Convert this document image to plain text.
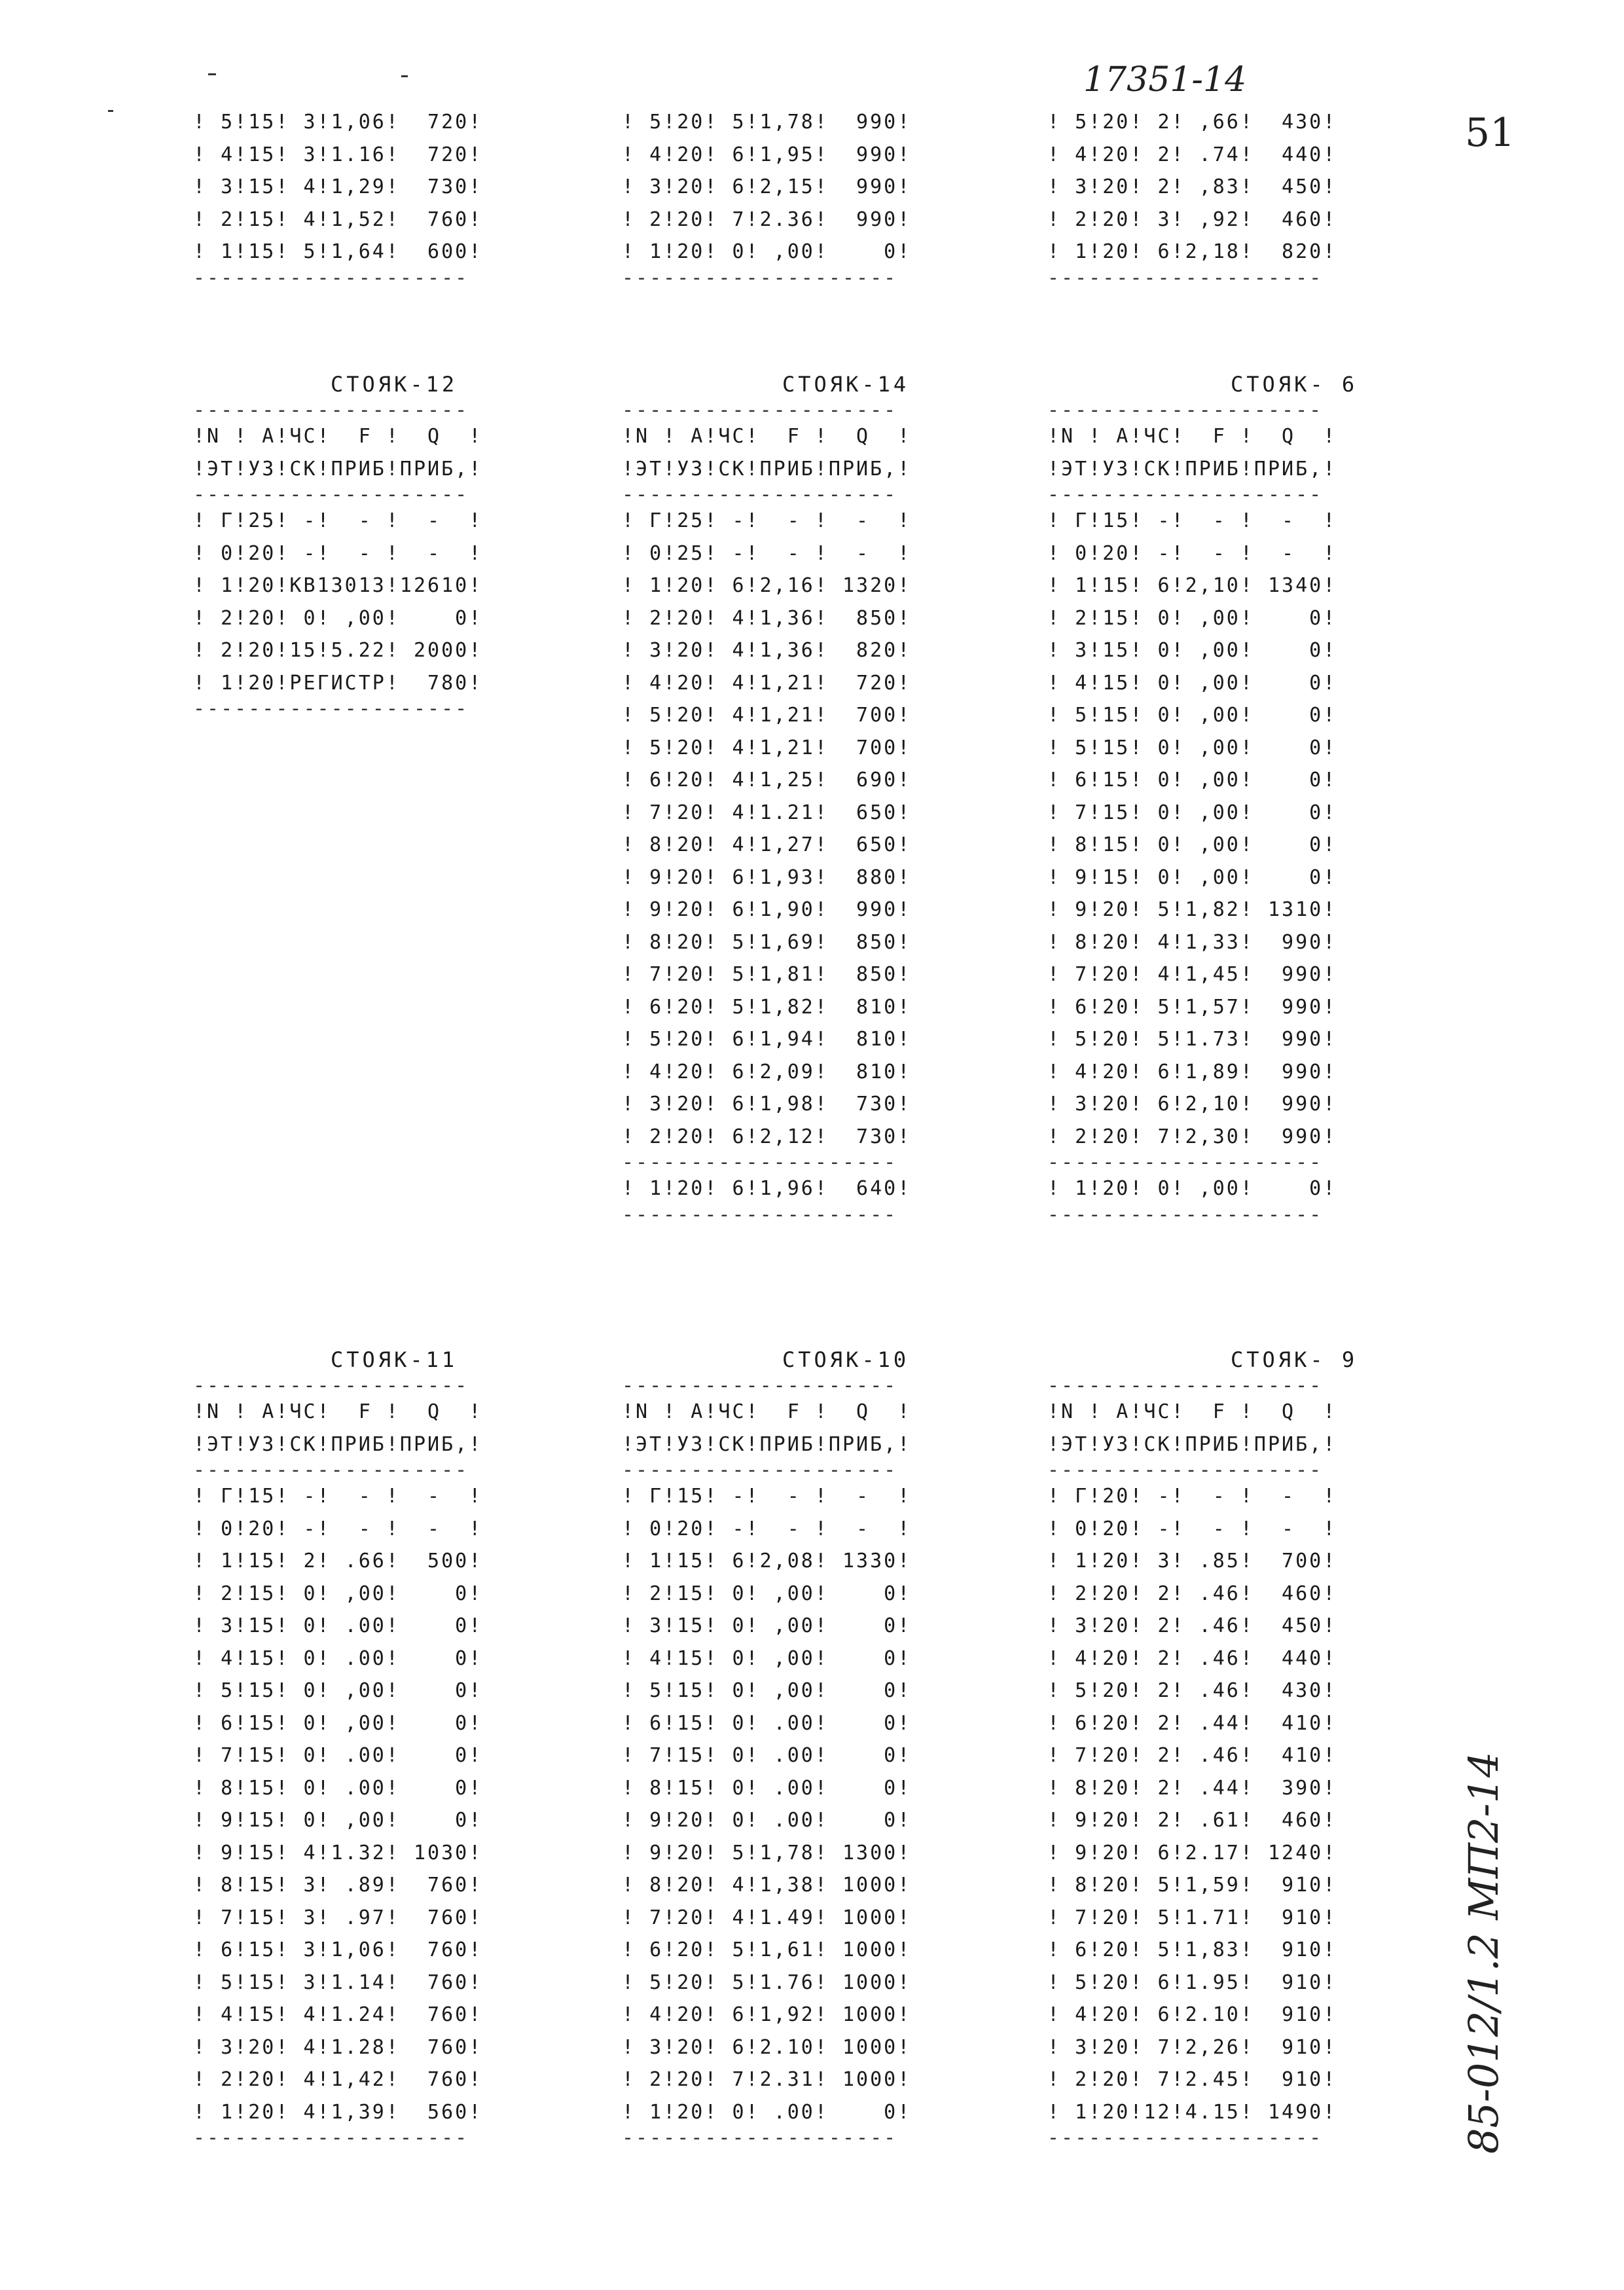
17351-14
51
85-012/1.2 МП2-14
! 5!15! 3!1,06!  720!
! 4!15! 3!1.16!  720!
! 3!15! 4!1,29!  730!
! 2!15! 4!1,52!  760!
! 1!15! 5!1,64!  600!
--------------------
! 5!20! 5!1,78!  990!
! 4!20! 6!1,95!  990!
! 3!20! 6!2,15!  990!
! 2!20! 7!2.36!  990!
! 1!20! 0! ,00!    0!
--------------------
! 5!20! 2! ,66!  430!
! 4!20! 2! .74!  440!
! 3!20! 2! ,83!  450!
! 2!20! 3! ,92!  460!
! 1!20! 6!2,18!  820!
--------------------
СТОЯК-12	СТОЯК-14	СТОЯК- 6
--------------------
!N ! А!ЧС!  F !  Q  !
!ЭТ!УЗ!СК!ПРИБ!ПРИБ,!
--------------------
! Г!25! -!  - !  -  !
! 0!20! -!  - !  -  !
! 1!20!КВ13013!12610!
! 2!20! 0! ,00!    0!
! 2!20!15!5.22! 2000!
! 1!20!РЕГИСТР!  780!
--------------------
--------------------
!N ! А!ЧС!  F !  Q  !
!ЭТ!УЗ!СК!ПРИБ!ПРИБ,!
--------------------
! Г!25! -!  - !  -  !
! 0!25! -!  - !  -  !
! 1!20! 6!2,16! 1320!
! 2!20! 4!1,36!  850!
! 3!20! 4!1,36!  820!
! 4!20! 4!1,21!  720!
! 5!20! 4!1,21!  700!
! 5!20! 4!1,21!  700!
! 6!20! 4!1,25!  690!
! 7!20! 4!1.21!  650!
! 8!20! 4!1,27!  650!
! 9!20! 6!1,93!  880!
! 9!20! 6!1,90!  990!
! 8!20! 5!1,69!  850!
! 7!20! 5!1,81!  850!
! 6!20! 5!1,82!  810!
! 5!20! 6!1,94!  810!
! 4!20! 6!2,09!  810!
! 3!20! 6!1,98!  730!
! 2!20! 6!2,12!  730!
--------------------
! 1!20! 6!1,96!  640!
--------------------
--------------------
!N ! А!ЧС!  F !  Q  !
!ЭТ!УЗ!СК!ПРИБ!ПРИБ,!
--------------------
! Г!15! -!  - !  -  !
! 0!20! -!  - !  -  !
! 1!15! 6!2,10! 1340!
! 2!15! 0! ,00!    0!
! 3!15! 0! ,00!    0!
! 4!15! 0! ,00!    0!
! 5!15! 0! ,00!    0!
! 5!15! 0! ,00!    0!
! 6!15! 0! ,00!    0!
! 7!15! 0! ,00!    0!
! 8!15! 0! ,00!    0!
! 9!15! 0! ,00!    0!
! 9!20! 5!1,82! 1310!
! 8!20! 4!1,33!  990!
! 7!20! 4!1,45!  990!
! 6!20! 5!1,57!  990!
! 5!20! 5!1.73!  990!
! 4!20! 6!1,89!  990!
! 3!20! 6!2,10!  990!
! 2!20! 7!2,30!  990!
--------------------
! 1!20! 0! ,00!    0!
--------------------
СТОЯК-11	СТОЯК-10	СТОЯК- 9
--------------------
!N ! А!ЧС!  F !  Q  !
!ЭТ!УЗ!СК!ПРИБ!ПРИБ,!
--------------------
! Г!15! -!  - !  -  !
! 0!20! -!  - !  -  !
! 1!15! 2! .66!  500!
! 2!15! 0! ,00!    0!
! 3!15! 0! .00!    0!
! 4!15! 0! .00!    0!
! 5!15! 0! ,00!    0!
! 6!15! 0! ,00!    0!
! 7!15! 0! .00!    0!
! 8!15! 0! .00!    0!
! 9!15! 0! ,00!    0!
! 9!15! 4!1.32! 1030!
! 8!15! 3! .89!  760!
! 7!15! 3! .97!  760!
! 6!15! 3!1,06!  760!
! 5!15! 3!1.14!  760!
! 4!15! 4!1.24!  760!
! 3!20! 4!1.28!  760!
! 2!20! 4!1,42!  760!
! 1!20! 4!1,39!  560!
--------------------
--------------------
!N ! А!ЧС!  F !  Q  !
!ЭТ!УЗ!СК!ПРИБ!ПРИБ,!
--------------------
! Г!15! -!  - !  -  !
! 0!20! -!  - !  -  !
! 1!15! 6!2,08! 1330!
! 2!15! 0! ,00!    0!
! 3!15! 0! ,00!    0!
! 4!15! 0! ,00!    0!
! 5!15! 0! ,00!    0!
! 6!15! 0! .00!    0!
! 7!15! 0! .00!    0!
! 8!15! 0! .00!    0!
! 9!20! 0! .00!    0!
! 9!20! 5!1,78! 1300!
! 8!20! 4!1,38! 1000!
! 7!20! 4!1.49! 1000!
! 6!20! 5!1,61! 1000!
! 5!20! 5!1.76! 1000!
! 4!20! 6!1,92! 1000!
! 3!20! 6!2.10! 1000!
! 2!20! 7!2.31! 1000!
! 1!20! 0! .00!    0!
--------------------
--------------------
!N ! А!ЧС!  F !  Q  !
!ЭТ!УЗ!СК!ПРИБ!ПРИБ,!
--------------------
! Г!20! -!  - !  -  !
! 0!20! -!  - !  -  !
! 1!20! 3! .85!  700!
! 2!20! 2! .46!  460!
! 3!20! 2! .46!  450!
! 4!20! 2! .46!  440!
! 5!20! 2! .46!  430!
! 6!20! 2! .44!  410!
! 7!20! 2! .46!  410!
! 8!20! 2! .44!  390!
! 9!20! 2! .61!  460!
! 9!20! 6!2.17! 1240!
! 8!20! 5!1,59!  910!
! 7!20! 5!1.71!  910!
! 6!20! 5!1,83!  910!
! 5!20! 6!1.95!  910!
! 4!20! 6!2.10!  910!
! 3!20! 7!2,26!  910!
! 2!20! 7!2.45!  910!
! 1!20!12!4.15! 1490!
--------------------
